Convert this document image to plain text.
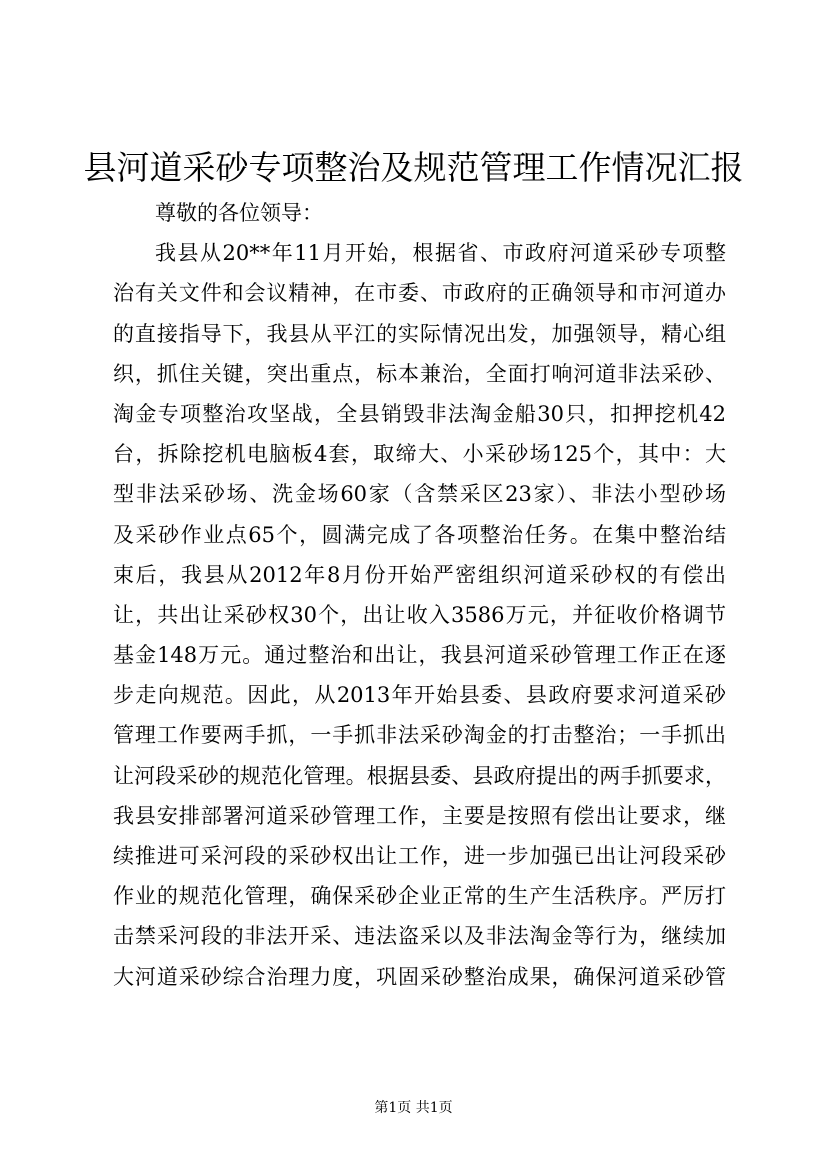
县河道采砂专项整治及规范管理工作情况汇报
尊敬的各位领导：
我县从20**年11月开始，根据省、市政府河道采砂专项整
治有关文件和会议精神，在市委、市政府的正确领导和市河道办
的直接指导下，我县从平江的实际情况出发，加强领导，精心组
织，抓住关键，突出重点，标本兼治，全面打响河道非法采砂、
淘金专项整治攻坚战，全县销毁非法淘金船30只，扣押挖机42
台，拆除挖机电脑板4套，取缔大、小采砂场125个，其中：大
型非法采砂场、洗金场60家（含禁采区23家）、非法小型砂场
及采砂作业点65个，圆满完成了各项整治任务。在集中整治结
束后，我县从2012年8月份开始严密组织河道采砂权的有偿出
让，共出让采砂权30个，出让收入3586万元，并征收价格调节
基金148万元。通过整治和出让，我县河道采砂管理工作正在逐
步走向规范。因此，从2013年开始县委、县政府要求河道采砂
管理工作要两手抓，一手抓非法采砂淘金的打击整治；一手抓出
让河段采砂的规范化管理。根据县委、县政府提出的两手抓要求，
我县安排部署河道采砂管理工作，主要是按照有偿出让要求，继
续推进可采河段的采砂权出让工作，进一步加强已出让河段采砂
作业的规范化管理，确保采砂企业正常的生产生活秩序。严厉打
击禁采河段的非法开采、违法盗采以及非法淘金等行为，继续加
大河道采砂综合治理力度，巩固采砂整治成果，确保河道采砂管
第1页 共1页
